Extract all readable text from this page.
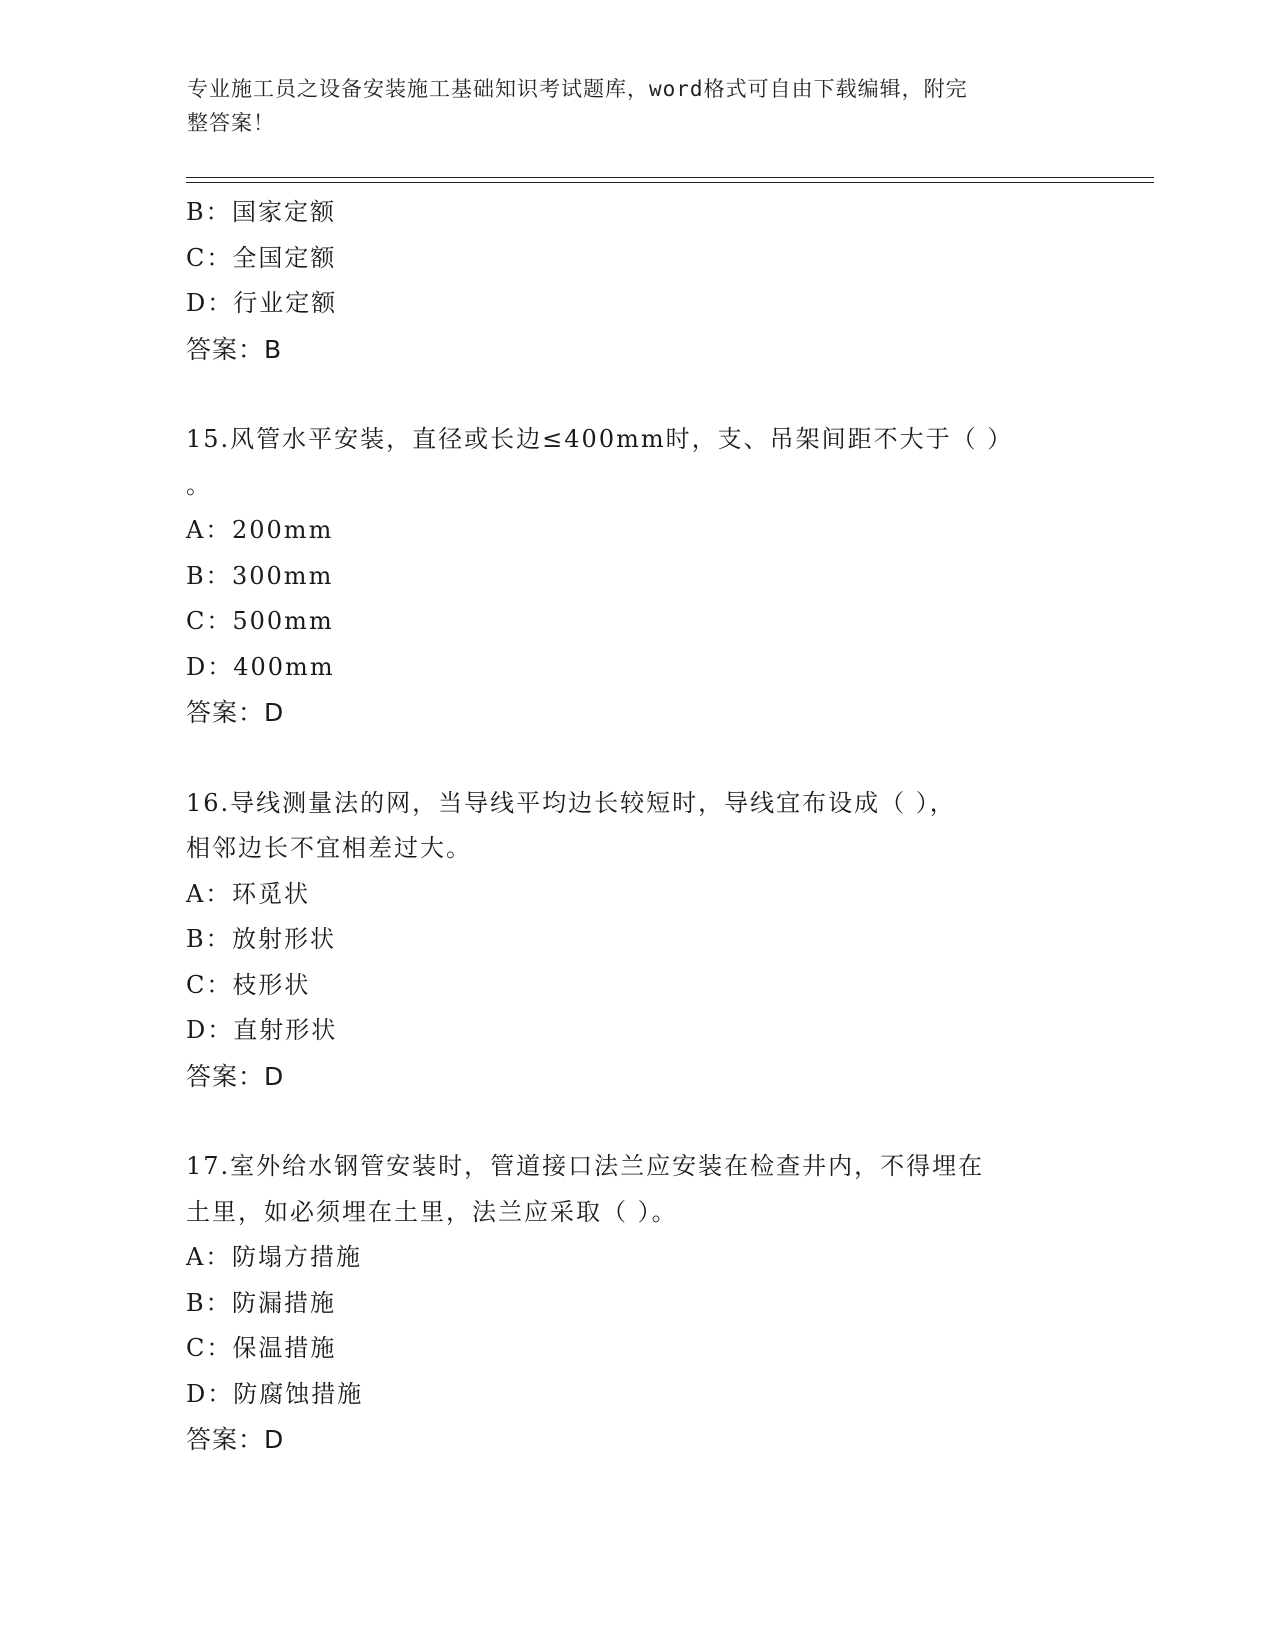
专业施工员之设备安装施工基础知识考试题库，word格式可自由下载编辑，附完
整答案！
B：国家定额
C：全国定额
D：行业定额
答案：B
15.风管水平安装，直径或长边≤400mm时，支、吊架间距不大于（ ）
。
A：200mm
B：300mm
C：500mm
D：400mm
答案：D
16.导线测量法的网，当导线平均边长较短时，导线宜布设成（ ），
相邻边长不宜相差过大。
A：环觅状
B：放射形状
C：枝形状
D：直射形状
答案：D
17.室外给水钢管安装时，管道接口法兰应安装在检查井内，不得埋在
土里，如必须埋在土里，法兰应采取（ ）。
A：防塌方措施
B：防漏措施
C：保温措施
D：防腐蚀措施
答案：D
